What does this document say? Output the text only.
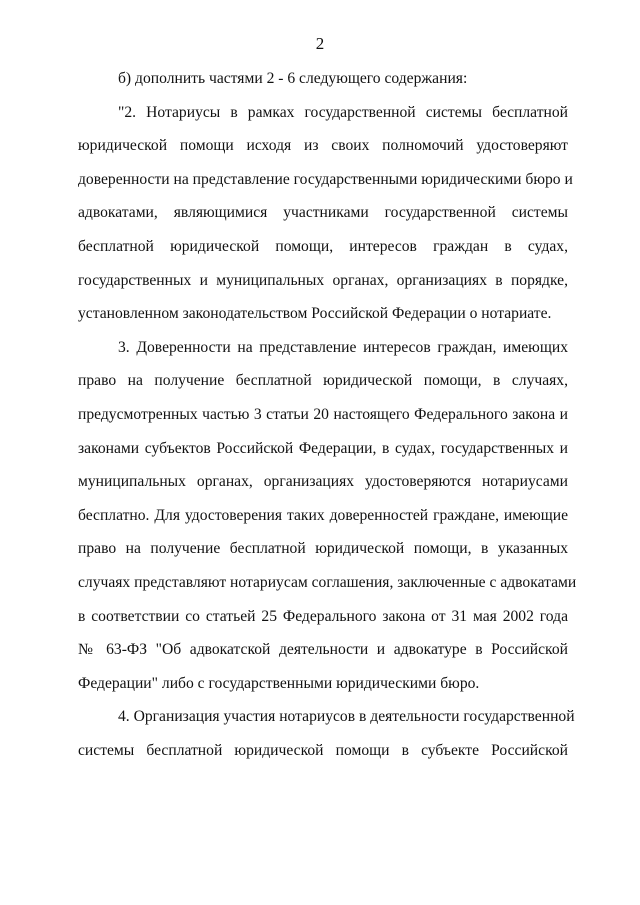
2
б) дополнить частями 2 - 6 следующего содержания:
"2. Нотариусы в рамках государственной системы бесплатной
юридической помощи исходя из своих полномочий удостоверяют
доверенности на представление государственными юридическими бюро и
адвокатами, являющимися участниками государственной системы
бесплатной юридической помощи, интересов граждан в судах,
государственных и муниципальных органах, организациях в порядке,
установленном законодательством Российской Федерации о нотариате.
3. Доверенности на представление интересов граждан, имеющих
право на получение бесплатной юридической помощи, в случаях,
предусмотренных частью 3 статьи 20 настоящего Федерального закона и
законами субъектов Российской Федерации, в судах, государственных и
муниципальных органах, организациях удостоверяются нотариусами
бесплатно. Для удостоверения таких доверенностей граждане, имеющие
право на получение бесплатной юридической помощи, в указанных
случаях представляют нотариусам соглашения, заключенные с адвокатами
в соответствии со статьей 25 Федерального закона от 31 мая 2002 года
№ 63-ФЗ "Об адвокатской деятельности и адвокатуре в Российской
Федерации" либо с государственными юридическими бюро.
4. Организация участия нотариусов в деятельности государственной
системы бесплатной юридической помощи в субъекте Российской
